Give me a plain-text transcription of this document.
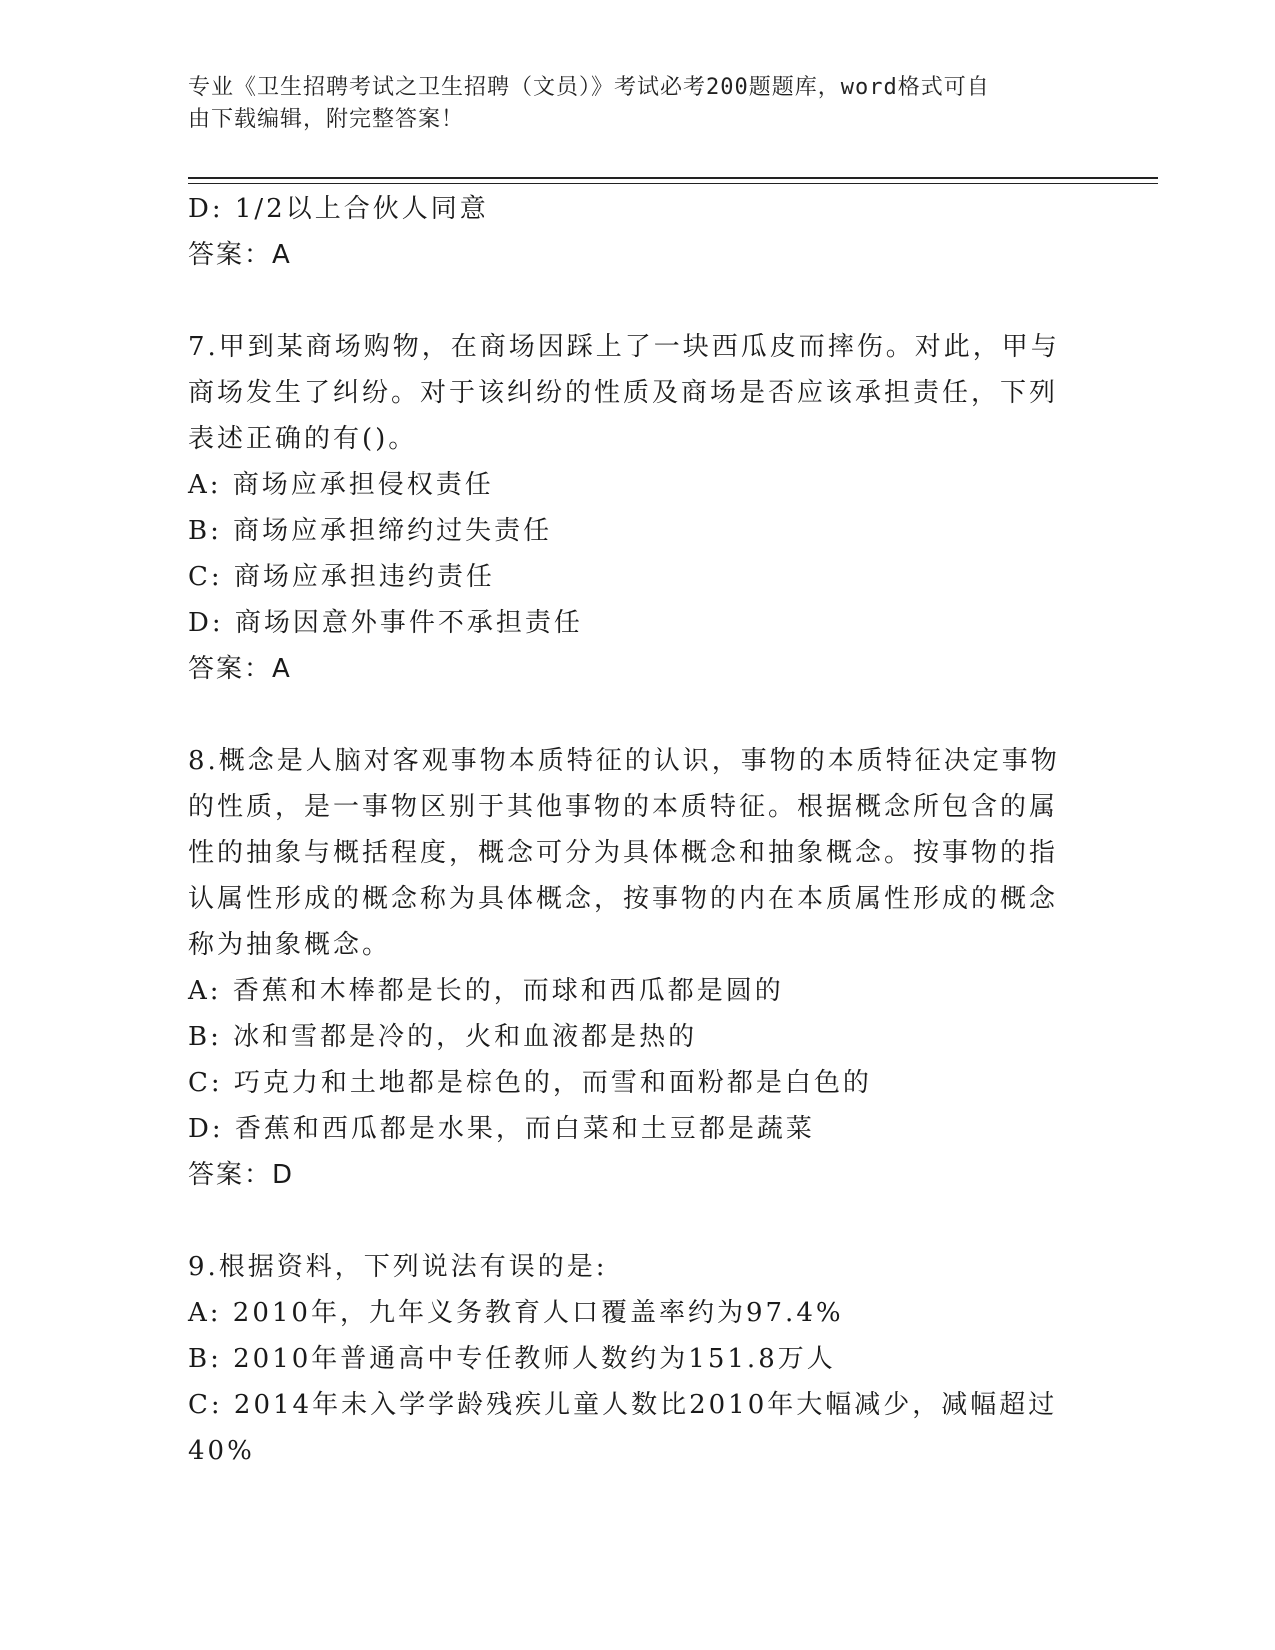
专业《卫生招聘考试之卫生招聘（文员）》考试必考200题题库，word格式可自
由下载编辑，附完整答案！
D: 1/2以上合伙人同意
答案：A
7.甲到某商场购物，在商场因踩上了一块西瓜皮而摔伤。对此，甲与
商场发生了纠纷。对于该纠纷的性质及商场是否应该承担责任，下列
表述正确的有()。
A: 商场应承担侵权责任
B: 商场应承担缔约过失责任
C: 商场应承担违约责任
D: 商场因意外事件不承担责任
答案：A
8.概念是人脑对客观事物本质特征的认识，事物的本质特征决定事物
的性质，是一事物区别于其他事物的本质特征。根据概念所包含的属
性的抽象与概括程度，概念可分为具体概念和抽象概念。按事物的指
认属性形成的概念称为具体概念，按事物的内在本质属性形成的概念
称为抽象概念。
A: 香蕉和木棒都是长的，而球和西瓜都是圆的
B: 冰和雪都是冷的，火和血液都是热的
C: 巧克力和土地都是棕色的，而雪和面粉都是白色的
D: 香蕉和西瓜都是水果，而白菜和土豆都是蔬菜
答案：D
9.根据资料，下列说法有误的是:
A: 2010年，九年义务教育人口覆盖率约为97.4%
B: 2010年普通高中专任教师人数约为151.8万人
C: 2014年未入学学龄残疾儿童人数比2010年大幅减少，减幅超过
40%
